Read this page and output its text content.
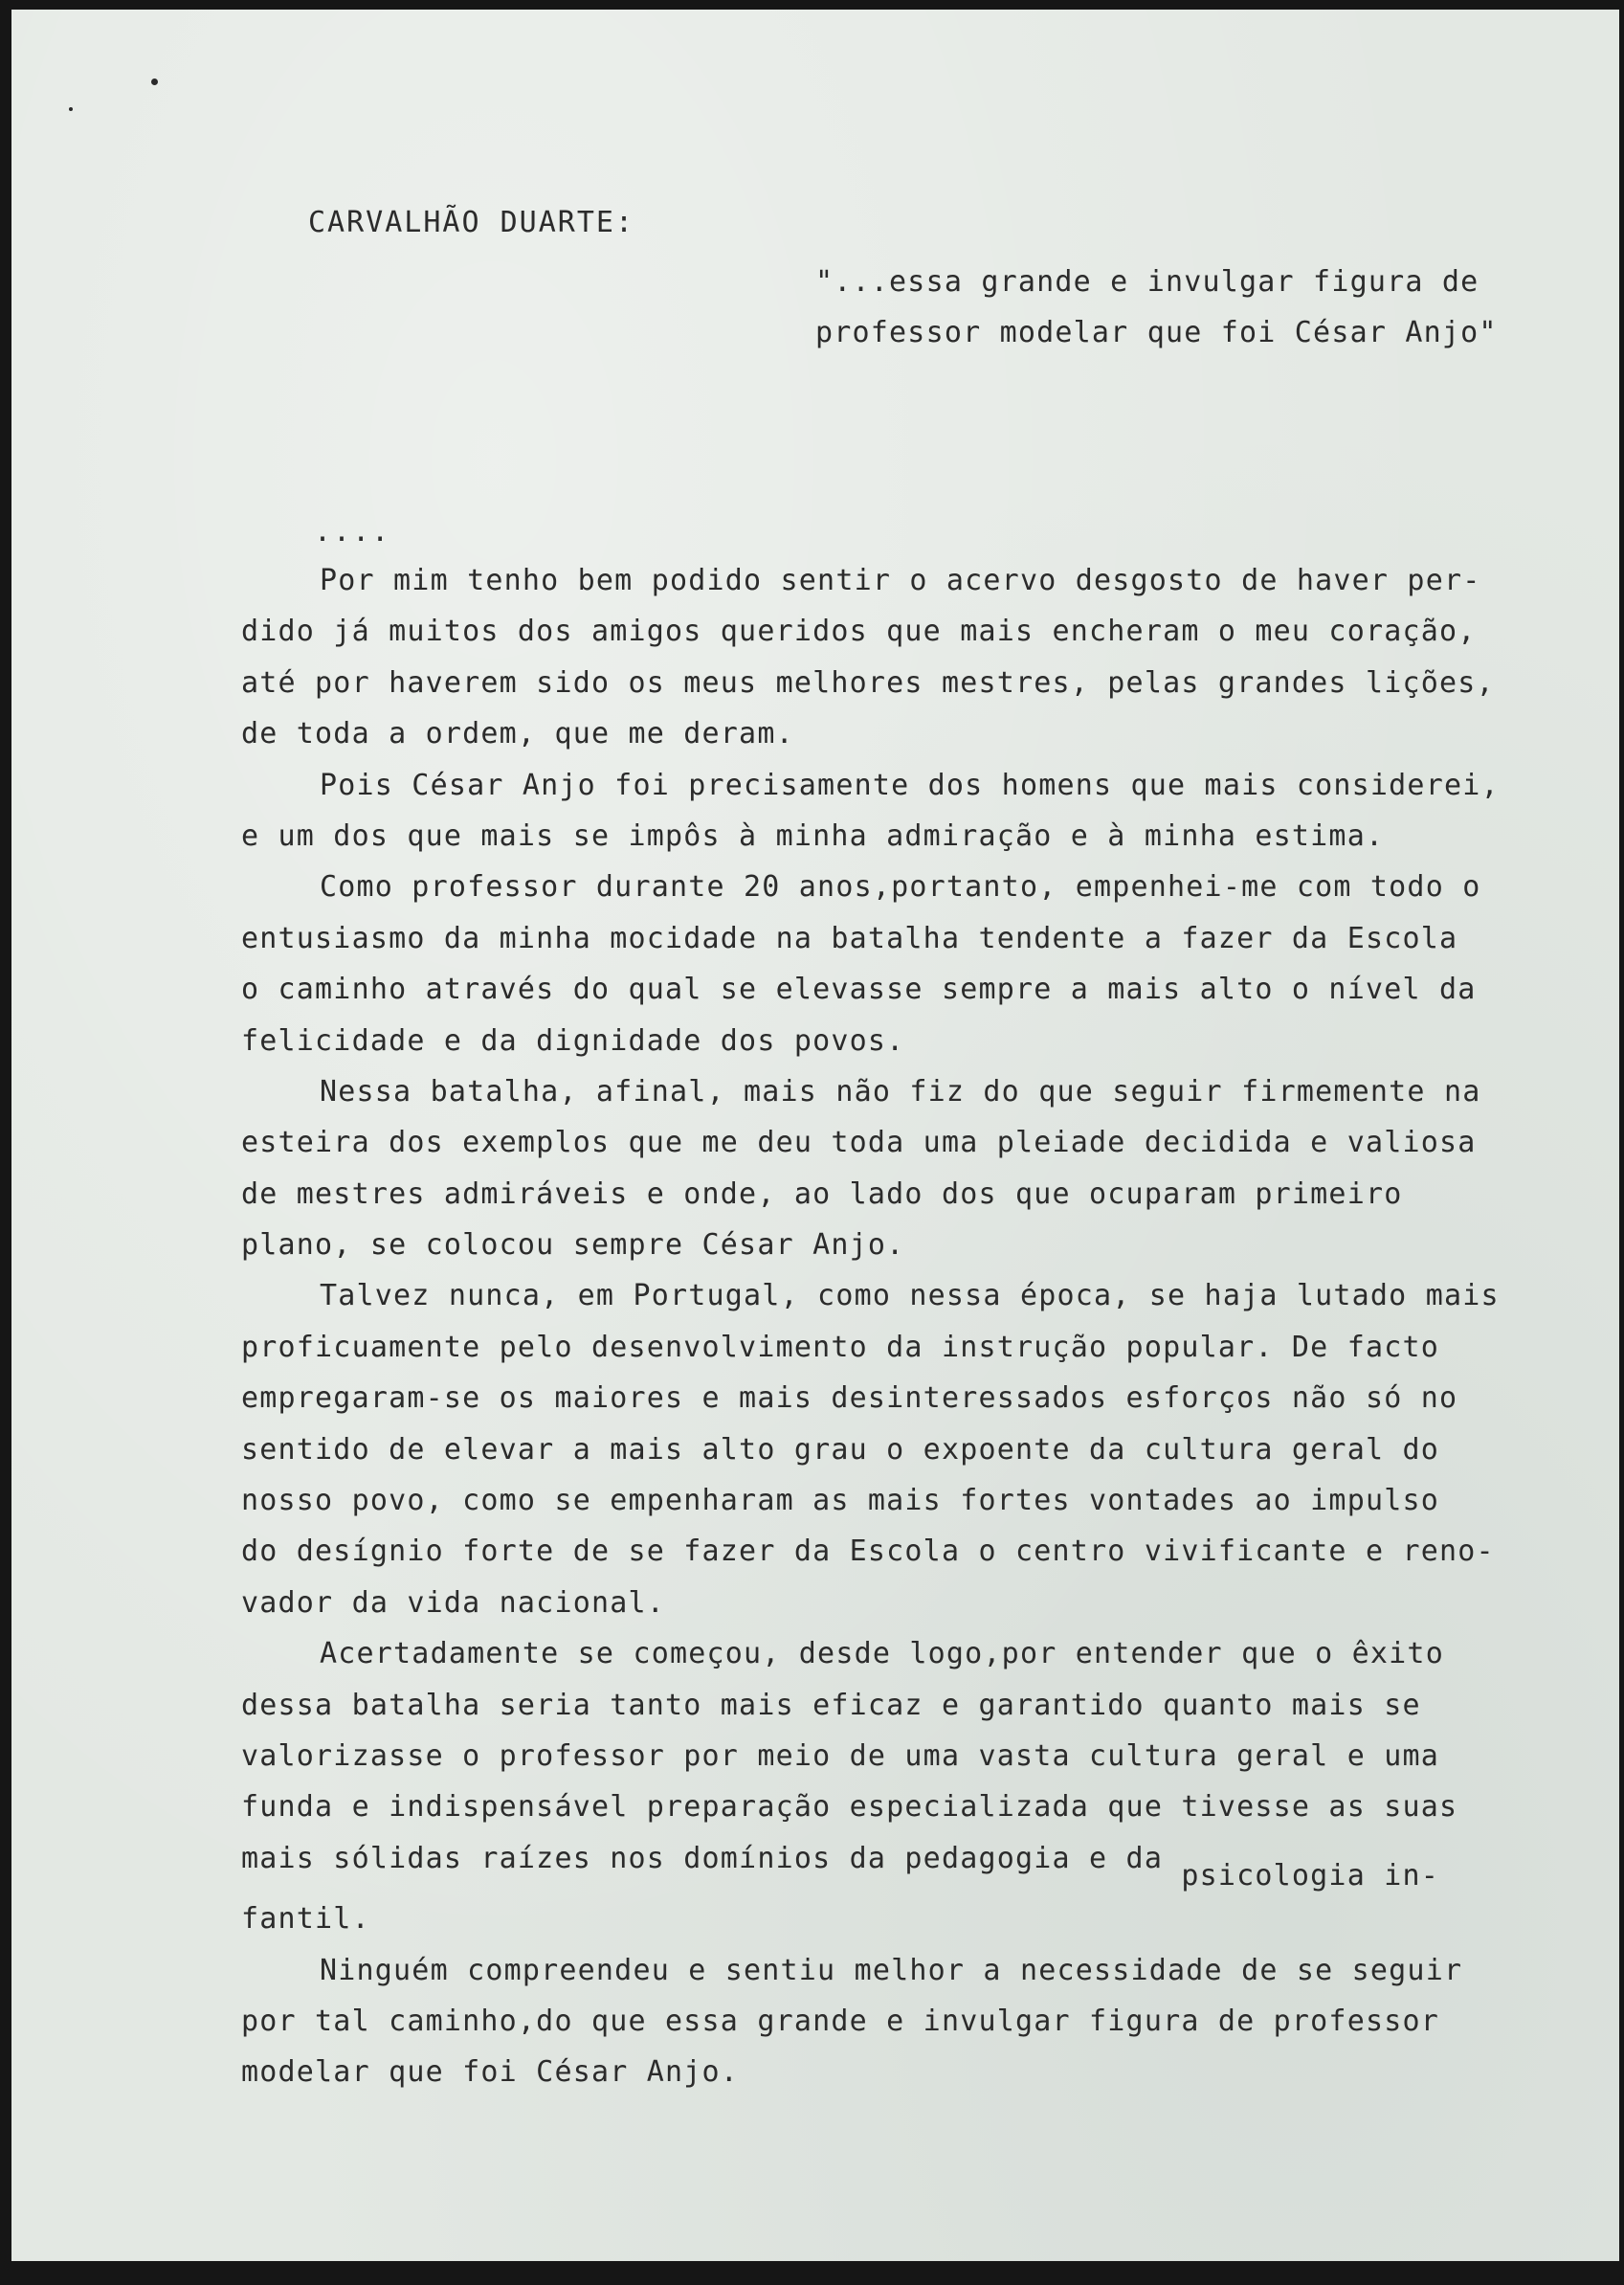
CARVALHÃO DUARTE:
"...essa grande e invulgar figura de
professor modelar que foi César Anjo"
....
Por mim tenho bem podido sentir o acervo desgosto de haver per-
dido já muitos dos amigos queridos que mais encheram o meu coração,
até por haverem sido os meus melhores mestres, pelas grandes lições,
de toda a ordem, que me deram.
Pois César Anjo foi precisamente dos homens que mais considerei,
e um dos que mais se impôs à minha admiração e à minha estima.
Como professor durante 20 anos,portanto, empenhei-me com todo o
entusiasmo da minha mocidade na batalha tendente a fazer da Escola
o caminho através do qual se elevasse sempre a mais alto o nível da
felicidade e da dignidade dos povos.
Nessa batalha, afinal, mais não fiz do que seguir firmemente na
esteira dos exemplos que me deu toda uma pleiade decidida e valiosa
de mestres admiráveis e onde, ao lado dos que ocuparam primeiro
plano, se colocou sempre César Anjo.
Talvez nunca, em Portugal, como nessa época, se haja lutado mais
proficuamente pelo desenvolvimento da instrução popular. De facto
empregaram-se os maiores e mais desinteressados esforços não só no
sentido de elevar a mais alto grau o expoente da cultura geral do
nosso povo, como se empenharam as mais fortes vontades ao impulso
do desígnio forte de se fazer da Escola o centro vivificante e reno-
vador da vida nacional.
Acertadamente se começou, desde logo,por entender que o êxito
dessa batalha seria tanto mais eficaz e garantido quanto mais se
valorizasse o professor por meio de uma vasta cultura geral e uma
funda e indispensável preparação especializada que tivesse as suas
mais sólidas raízes nos domínios da pedagogia e da psicologia in-
fantil.
Ninguém compreendeu e sentiu melhor a necessidade de se seguir
por tal caminho,do que essa grande e invulgar figura de professor
modelar que foi César Anjo.
